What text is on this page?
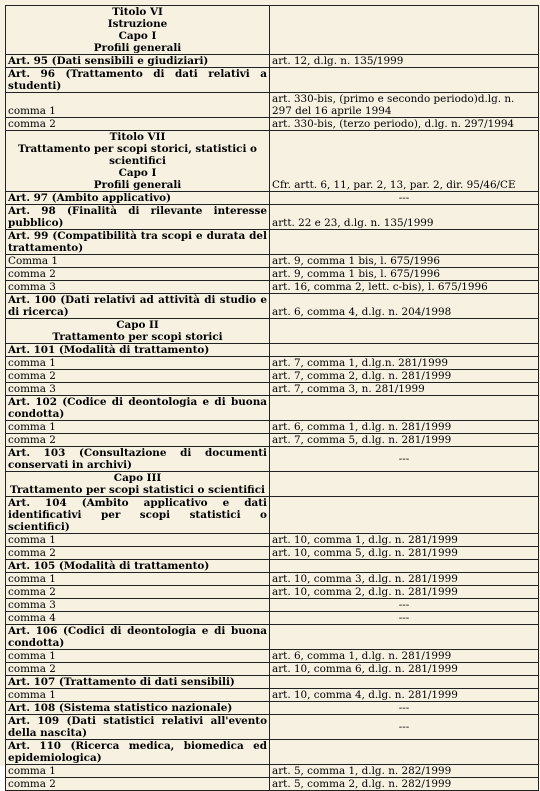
Titolo VI
Istruzione
Capo I
Profili generali	

Art. 95 (Dati sensibili e giudiziari)	art. 12, d.lg. n. 135/1999
Art. 96 (Trattamento di dati relativi a studenti)	
comma 1	art. 330-bis, (primo e secondo periodo)d.lg. n. 297 del 16 aprile 1994
comma 2	art. 330-bis, (terzo periodo), d.lg. n. 297/1994

Titolo VII
Trattamento per scopi storici, statistici o scientifici
Capo I
Profili generali	Cfr. artt. 6, 11, par. 2, 13, par. 2, dir. 95/46/CE
Art. 97 (Ambito applicativo)	---
Art. 98 (Finalità di rilevante interesse pubblico)	artt. 22 e 23, d.lg. n. 135/1999
Art. 99 (Compatibilità tra scopi e durata del trattamento)	
Comma 1	art. 9, comma 1 bis, l. 675/1996
comma 2	art. 9, comma 1 bis, l. 675/1996
comma 3	art. 16, comma 2, lett. c-bis), l. 675/1996
Art. 100 (Dati relativi ad attività di studio e di ricerca)	art. 6, comma 4, d.lg. n. 204/1998

Capo II
Trattamento per scopi storici	

Art. 101 (Modalità di trattamento)	
comma 1	art. 7, comma 1, d.lg.n. 281/1999
comma 2	art. 7, comma 2, d.lg. n. 281/1999
comma 3	art. 7, comma 3, n. 281/1999
Art. 102 (Codice di deontologia e di buona condotta)	
comma 1	art. 6, comma 1, d.lg. n. 281/1999
comma 2	art. 7, comma 5, d.lg. n. 281/1999
Art. 103 (Consultazione di documenti conservati in archivi)	---

Capo III
Trattamento per scopi statistici o scientifici	

Art. 104 (Ambito applicativo e dati identificativi per scopi statistici o scientifici)	
comma 1	art. 10, comma 1, d.lg. n. 281/1999
comma 2	art. 10, comma 5, d.lg. n. 281/1999
Art. 105 (Modalità di trattamento)	
comma 1	art. 10, comma 3, d.lg. n. 281/1999
comma 2	art. 10, comma 2, d.lg. n. 281/1999
comma 3	---
comma 4	---
Art. 106 (Codici di deontologia e di buona condotta)	
comma 1	art. 6, comma 1, d.lg. n. 281/1999
comma 2	art. 10, comma 6, d.lg. n. 281/1999
Art. 107 (Trattamento di dati sensibili)	
comma 1	art. 10, comma 4, d.lg. n. 281/1999
Art. 108 (Sistema statistico nazionale)	---
Art. 109 (Dati statistici relativi all'evento della nascita)	---
Art. 110 (Ricerca medica, biomedica ed epidemiologica)	
comma 1	art. 5, comma 1, d.lg. n. 282/1999
comma 2	art. 5, comma 2, d.lg. n. 282/1999
